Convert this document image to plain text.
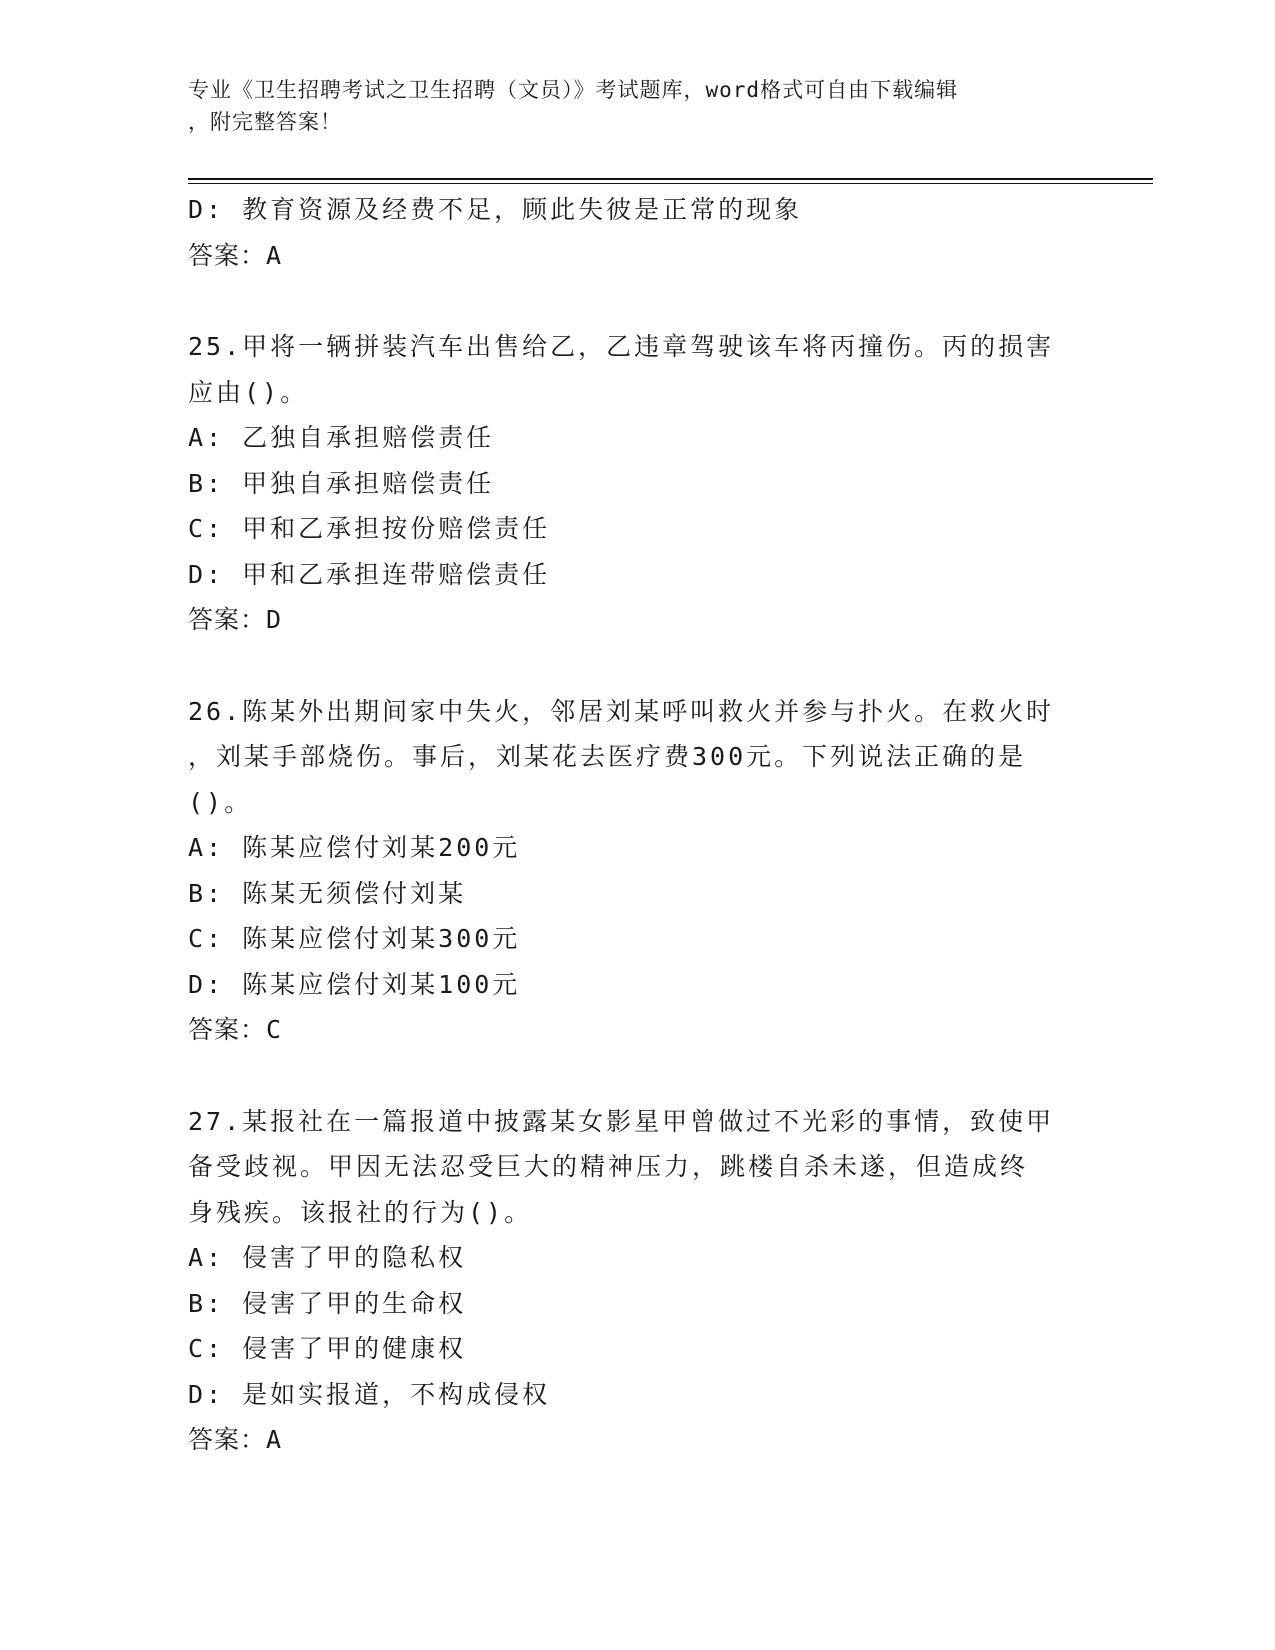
专业《卫生招聘考试之卫生招聘（文员）》考试题库，word格式可自由下载编辑
，附完整答案！
D: 教育资源及经费不足，顾此失彼是正常的现象
答案：A
25.甲将一辆拼装汽车出售给乙，乙违章驾驶该车将丙撞伤。丙的损害
应由()。
A: 乙独自承担赔偿责任
B: 甲独自承担赔偿责任
C: 甲和乙承担按份赔偿责任
D: 甲和乙承担连带赔偿责任
答案：D
26.陈某外出期间家中失火，邻居刘某呼叫救火并参与扑火。在救火时
，刘某手部烧伤。事后，刘某花去医疗费300元。下列说法正确的是
()。
A: 陈某应偿付刘某200元
B: 陈某无须偿付刘某
C: 陈某应偿付刘某300元
D: 陈某应偿付刘某100元
答案：C
27.某报社在一篇报道中披露某女影星甲曾做过不光彩的事情，致使甲
备受歧视。甲因无法忍受巨大的精神压力，跳楼自杀未遂，但造成终
身残疾。该报社的行为()。
A: 侵害了甲的隐私权
B: 侵害了甲的生命权
C: 侵害了甲的健康权
D: 是如实报道，不构成侵权
答案：A
